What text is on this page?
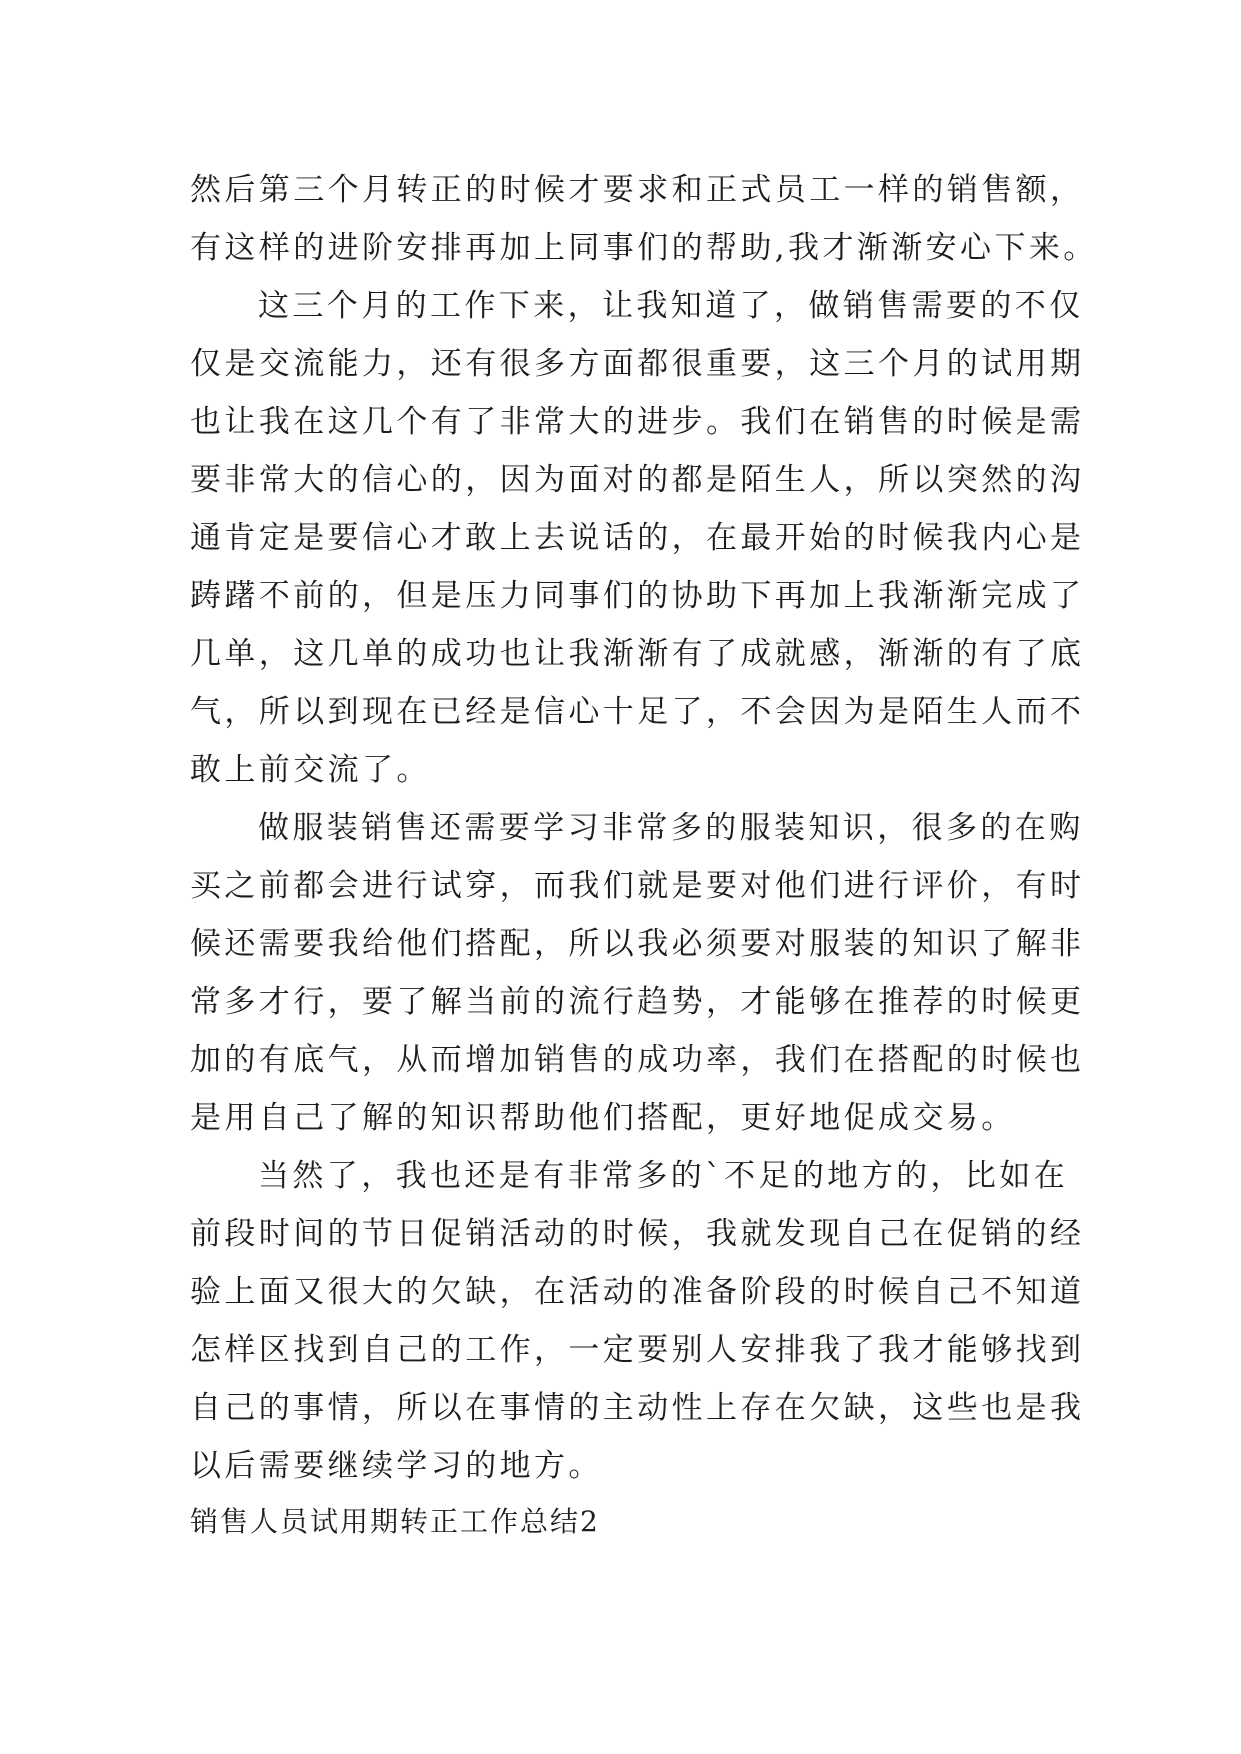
然后第三个月转正的时候才要求和正式员工一样的销售额，
有这样的进阶安排再加上同事们的帮助,我才渐渐安心下来。
这三个月的工作下来，让我知道了，做销售需要的不仅
仅是交流能力，还有很多方面都很重要，这三个月的试用期
也让我在这几个有了非常大的进步。我们在销售的时候是需
要非常大的信心的，因为面对的都是陌生人，所以突然的沟
通肯定是要信心才敢上去说话的，在最开始的时候我内心是
踌躇不前的，但是压力同事们的协助下再加上我渐渐完成了
几单，这几单的成功也让我渐渐有了成就感，渐渐的有了底
气，所以到现在已经是信心十足了，不会因为是陌生人而不
敢上前交流了。
做服装销售还需要学习非常多的服装知识，很多的在购
买之前都会进行试穿，而我们就是要对他们进行评价，有时
候还需要我给他们搭配，所以我必须要对服装的知识了解非
常多才行，要了解当前的流行趋势，才能够在推荐的时候更
加的有底气，从而增加销售的成功率，我们在搭配的时候也
是用自己了解的知识帮助他们搭配，更好地促成交易。
当然了，我也还是有非常多的`不足的地方的，比如在
前段时间的节日促销活动的时候，我就发现自己在促销的经
验上面又很大的欠缺，在活动的准备阶段的时候自己不知道
怎样区找到自己的工作，一定要别人安排我了我才能够找到
自己的事情，所以在事情的主动性上存在欠缺，这些也是我
以后需要继续学习的地方。
销售人员试用期转正工作总结2
